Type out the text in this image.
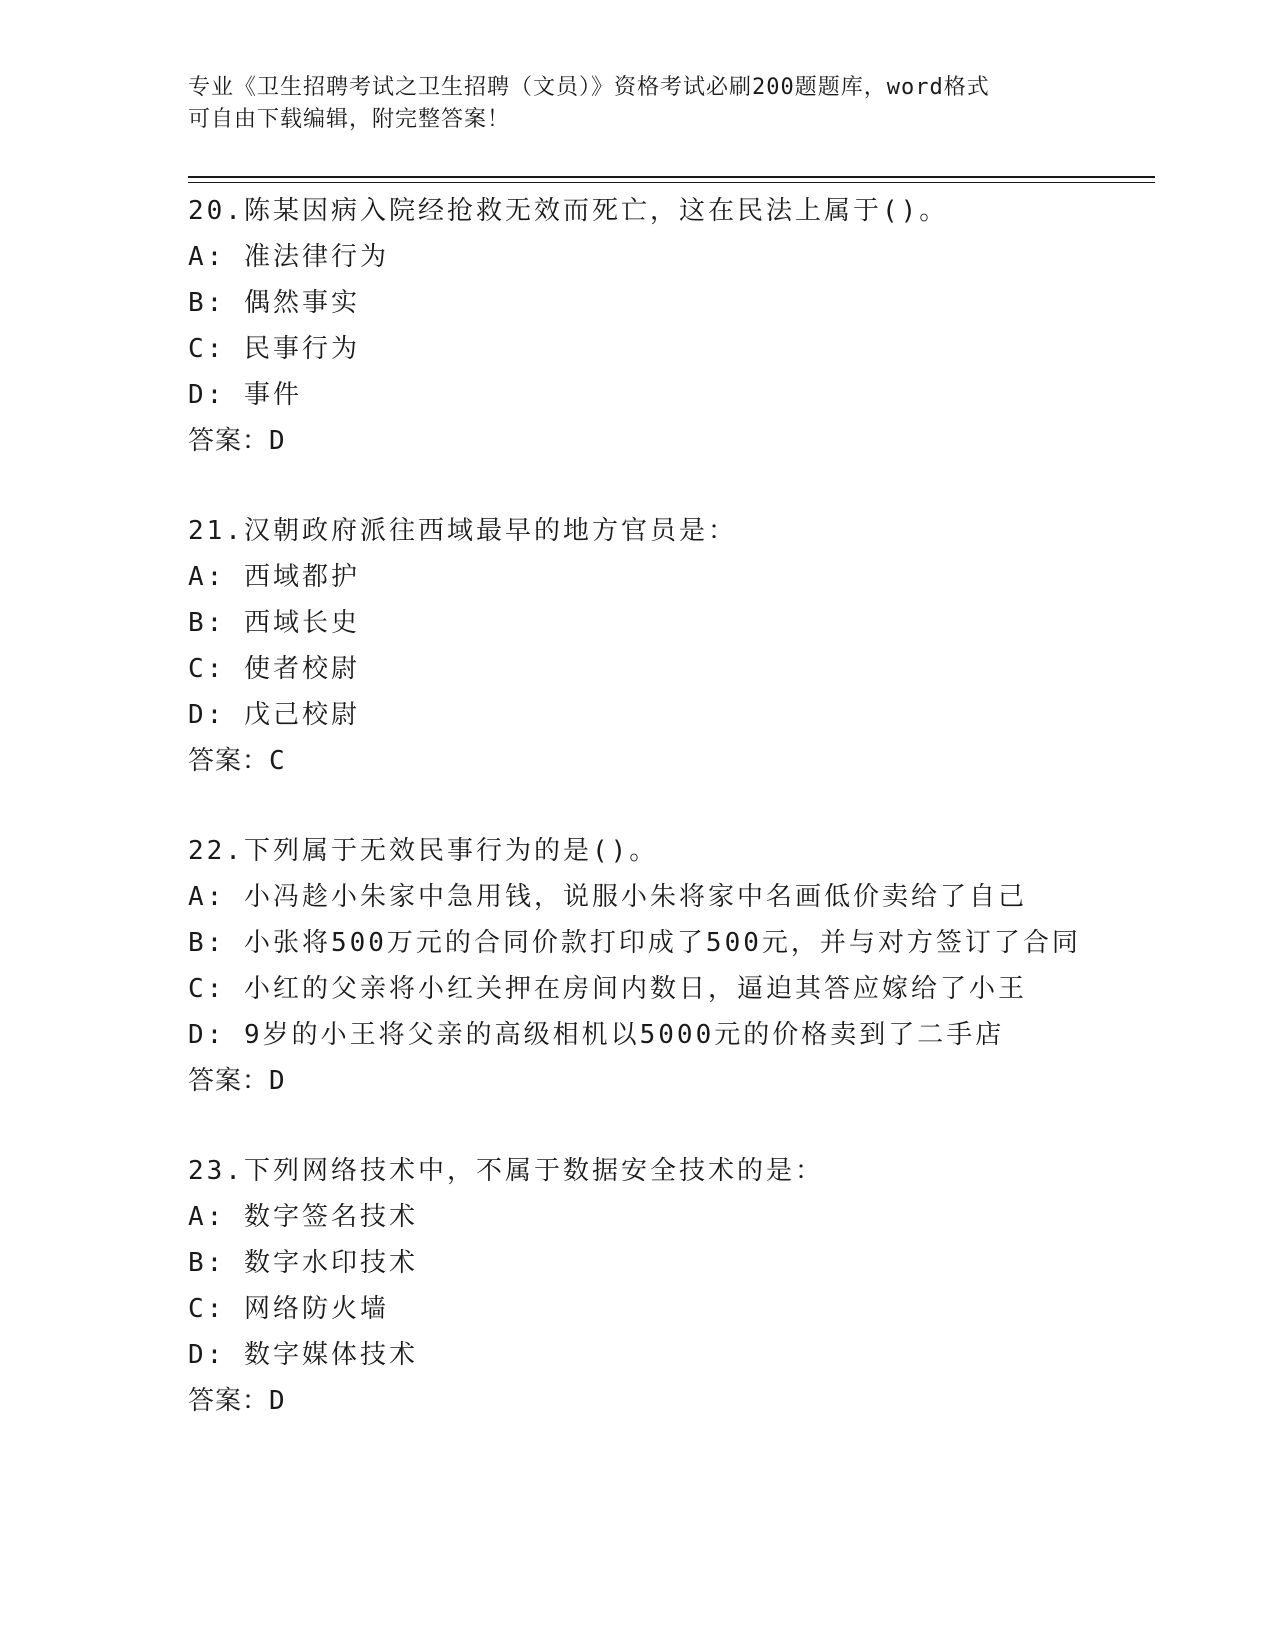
专业《卫生招聘考试之卫生招聘（文员）》资格考试必刷200题题库，word格式
可自由下载编辑，附完整答案！
20.陈某因病入院经抢救无效而死亡，这在民法上属于()。
A: 准法律行为
B: 偶然事实
C: 民事行为
D: 事件
答案：D
21.汉朝政府派往西域最早的地方官员是：
A: 西域都护
B: 西域长史
C: 使者校尉
D: 戊己校尉
答案：C
22.下列属于无效民事行为的是()。
A: 小冯趁小朱家中急用钱，说服小朱将家中名画低价卖给了自己
B: 小张将500万元的合同价款打印成了500元，并与对方签订了合同
C: 小红的父亲将小红关押在房间内数日，逼迫其答应嫁给了小王
D: 9岁的小王将父亲的高级相机以5000元的价格卖到了二手店
答案：D
23.下列网络技术中，不属于数据安全技术的是：
A: 数字签名技术
B: 数字水印技术
C: 网络防火墙
D: 数字媒体技术
答案：D
